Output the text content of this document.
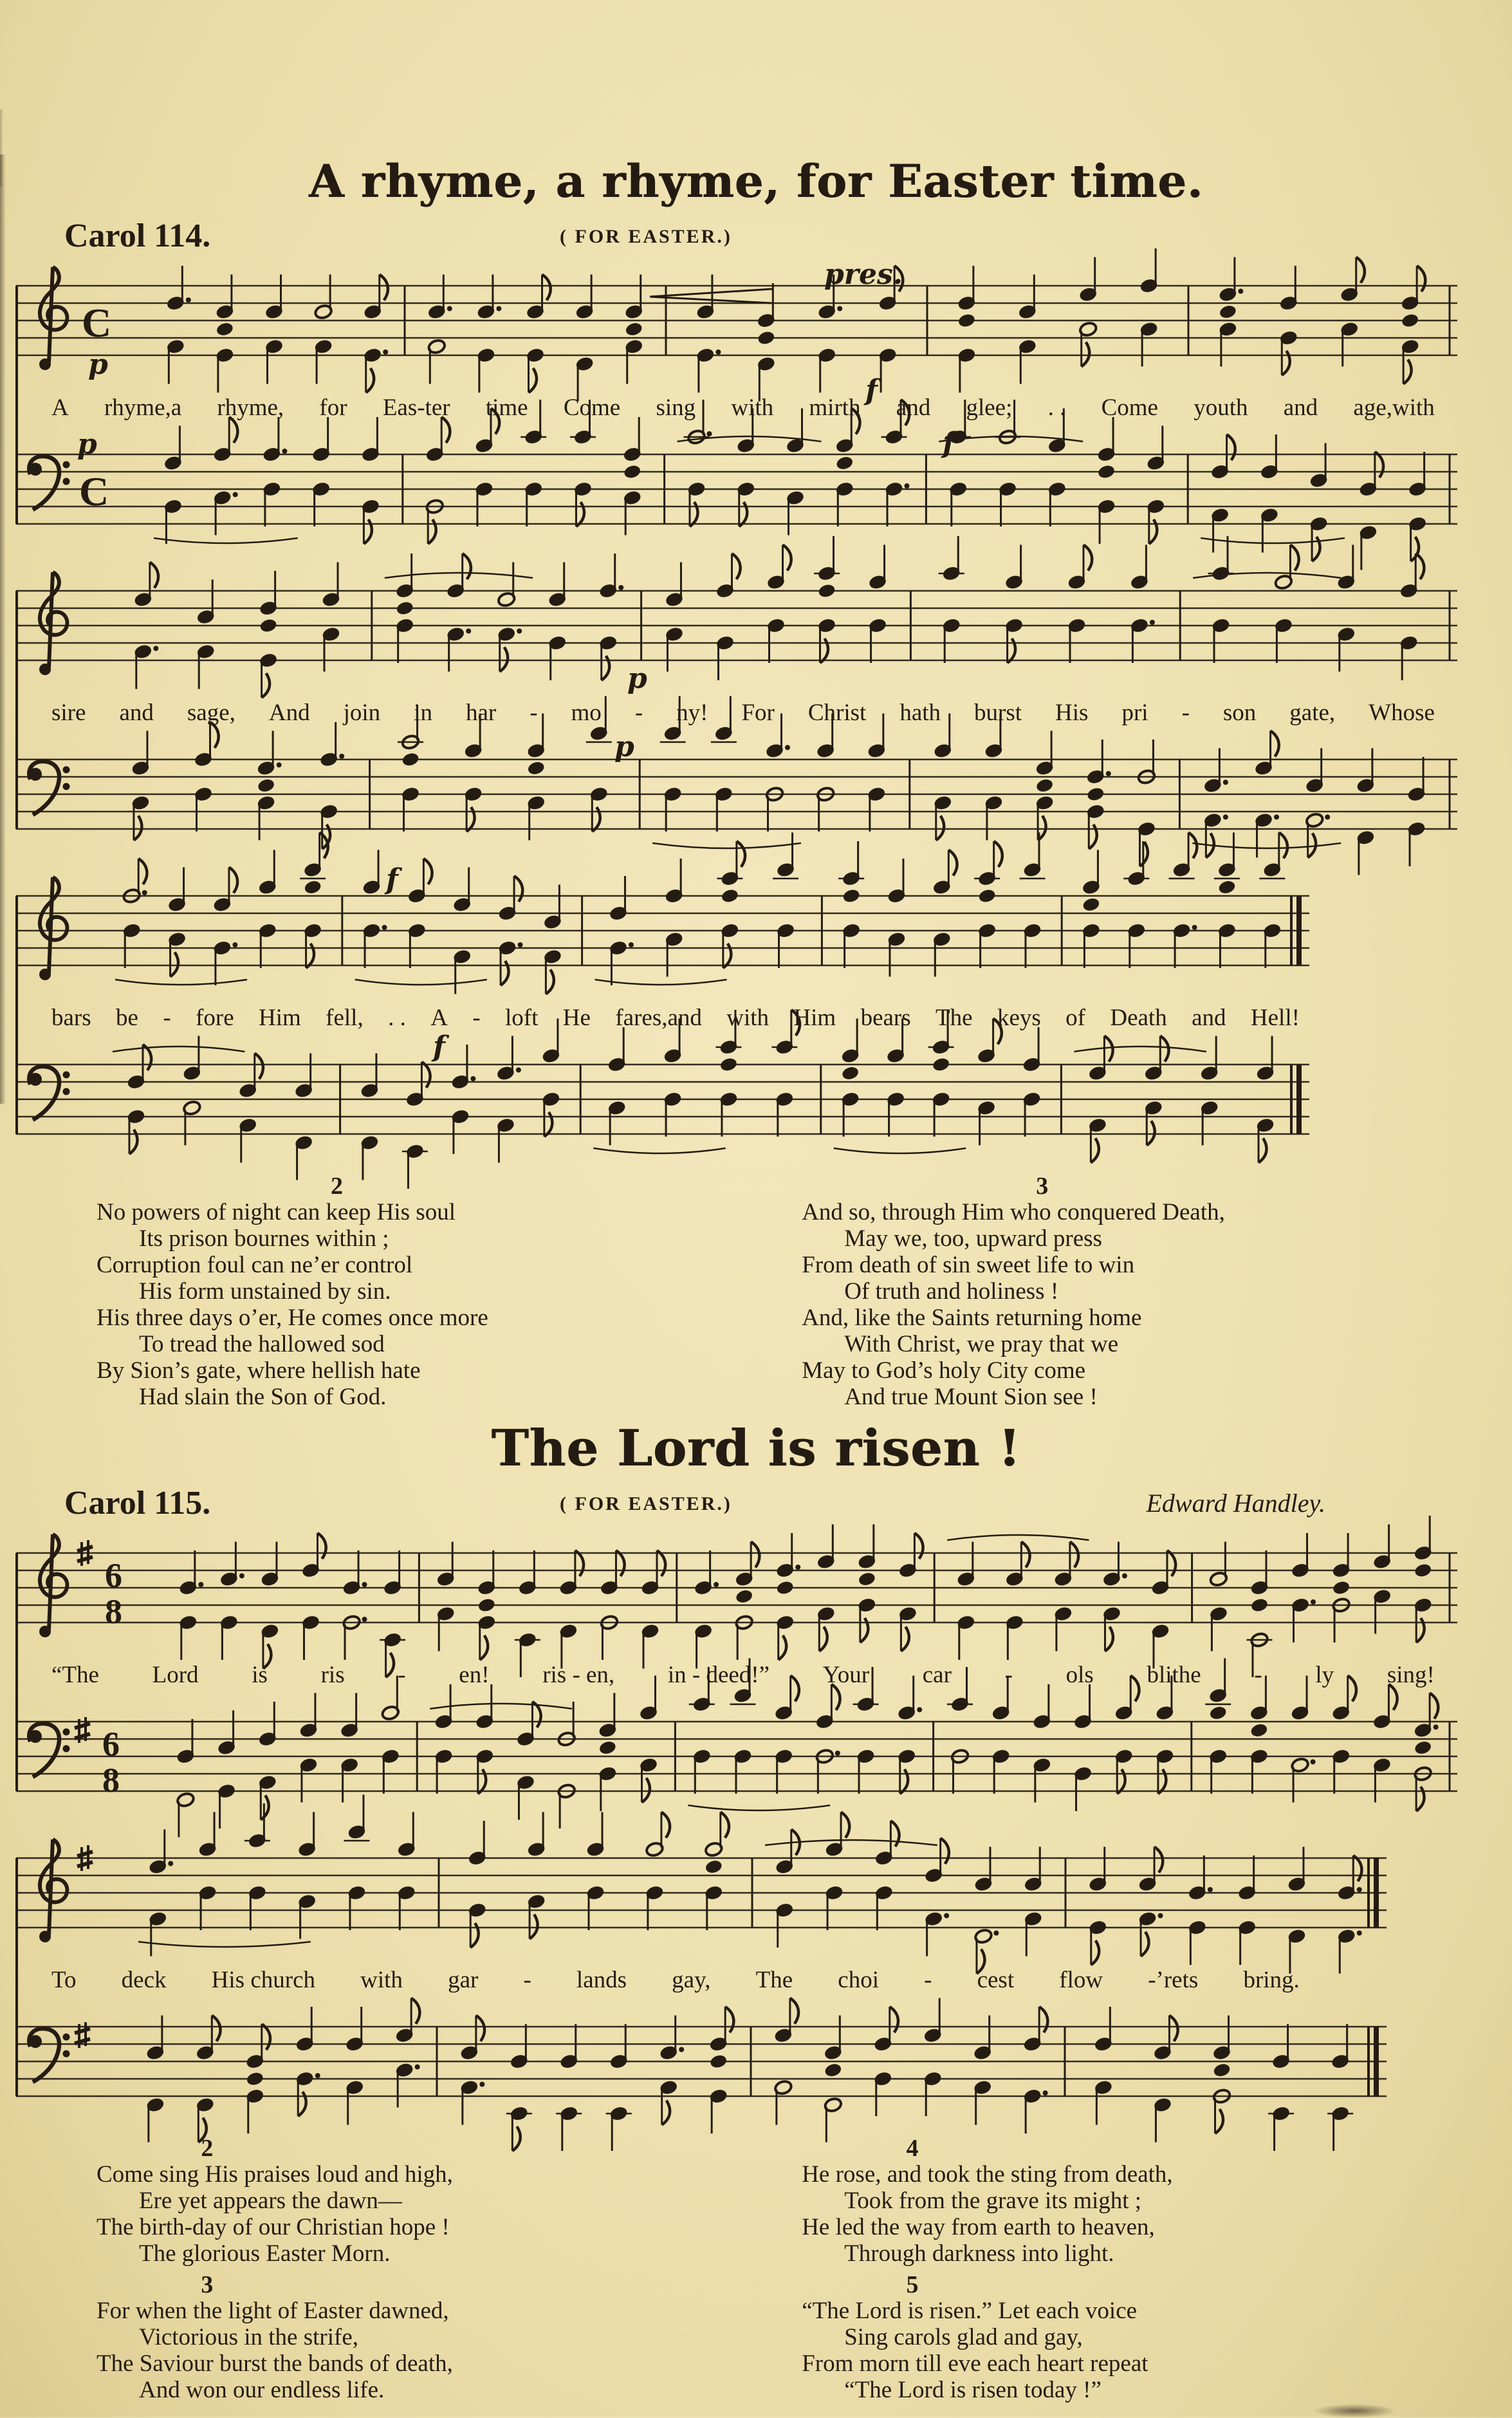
A rhyme, a rhyme, for Easter time.
Carol 114.	( FOR EASTER.)
C
p
pres.
f
A rhyme,a rhyme, for Eas-ter time Come sing with mirth and glee; . . Come youth and age,with
C
p	f
p
sire and sage, And join in har - mo - ny! For Christ hath burst His pri - son gate, Whose
p
f
bars be - fore Him fell, . . A - loft He fares,and with Him bears The keys of Death and Hell!
f
2
No powers of night can keep His soul
Its prison bournes within ;
Corruption foul can ne’er control
His form unstained by sin.
His three days o’er, He comes once more
To tread the hallowed sod
By Sion’s gate, where hellish hate
Had slain the Son of God.
3
And so, through Him who conquered Death,
May we, too, upward press
From death of sin sweet life to win
Of truth and holiness !
And, like the Saints returning home
With Christ, we pray that we
May to God’s holy City come
And true Mount Sion see !
The Lord is risen !
Carol 115.	( FOR EASTER.)	Edward Handley.
6
8
“The Lord is ris - en! ris - en, in - deed!” Your car - ols blithe - ly sing!
6
8
To deck His church with gar - lands gay, The choi - cest flow -’rets bring.
2
Come sing His praises loud and high,
Ere yet appears the dawn—
The birth-day of our Christian hope !
The glorious Easter Morn.
3
For when the light of Easter dawned,
Victorious in the strife,
The Saviour burst the bands of death,
And won our endless life.
4
He rose, and took the sting from death,
Took from the grave its might ;
He led the way from earth to heaven,
Through darkness into light.
5
“The Lord is risen.” Let each voice
Sing carols glad and gay,
From morn till eve each heart repeat
“The Lord is risen today !”
